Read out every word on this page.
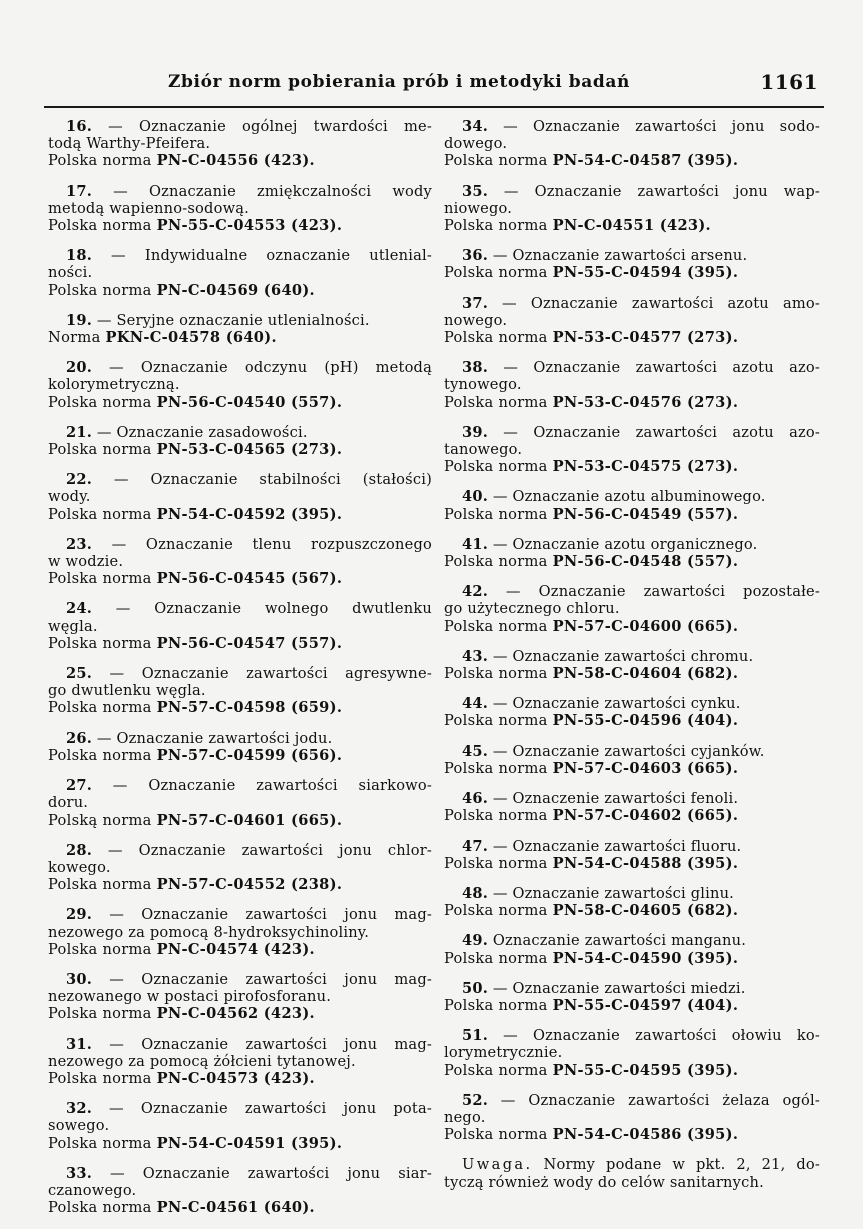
Zbiór norm pobierania prób i metodyki badań	1161
16. — Oznaczanie ogólnej twardości me-
todą Warthy-Pfeifera.
Polska norma PN-C-04556 (423).
17. — Oznaczanie zmiękczalności wody
metodą wapienno-sodową.
Polska norma PN-55-C-04553 (423).
18. — Indywidualne oznaczanie utlenial-
ności.
Polska norma PN-C-04569 (640).
19. — Seryjne oznaczanie utlenialności.
Norma PKN-C-04578 (640).
20. — Oznaczanie odczynu (pH) metodą
kolorymetryczną.
Polska norma PN-56-C-04540 (557).
21. — Oznaczanie zasadowości.
Polska norma PN-53-C-04565 (273).
22. — Oznaczanie stabilności (stałości)
wody.
Polska norma PN-54-C-04592 (395).
23. — Oznaczanie tlenu rozpuszczonego
w wodzie.
Polska norma PN-56-C-04545 (567).
24. — Oznaczanie wolnego dwutlenku
węgla.
Polska norma PN-56-C-04547 (557).
25. — Oznaczanie zawartości agresywne-
go dwutlenku węgla.
Polska norma PN-57-C-04598 (659).
26. — Oznaczanie zawartości jodu.
Polska norma PN-57-C-04599 (656).
27. — Oznaczanie zawartości siarkowo-
doru.
Polską norma PN-57-C-04601 (665).
28. — Oznaczanie zawartości jonu chlor-
kowego.
Polska norma PN-57-C-04552 (238).
29. — Oznaczanie zawartości jonu mag-
nezowego za pomocą 8-hydroksychinoliny.
Polska norma PN-C-04574 (423).
30. — Oznaczanie zawartości jonu mag-
nezowanego w postaci pirofosforanu.
Polska norma PN-C-04562 (423).
31. — Oznaczanie zawartości jonu mag-
nezowego za pomocą żółcieni tytanowej.
Polska norma PN-C-04573 (423).
32. — Oznaczanie zawartości jonu pota-
sowego.
Polska norma PN-54-C-04591 (395).
33. — Oznaczanie zawartości jonu siar-
czanowego.
Polska norma PN-C-04561 (640).
34. — Oznaczanie zawartości jonu sodo-
dowego.
Polska norma PN-54-C-04587 (395).
35. — Oznaczanie zawartości jonu wap-
niowego.
Polska norma PN-C-04551 (423).
36. — Oznaczanie zawartości arsenu.
Polska norma PN-55-C-04594 (395).
37. — Oznaczanie zawartości azotu amo-
nowego.
Polska norma PN-53-C-04577 (273).
38. — Oznaczanie zawartości azotu azo-
tynowego.
Polska norma PN-53-C-04576 (273).
39. — Oznaczanie zawartości azotu azo-
tanowego.
Polska norma PN-53-C-04575 (273).
40. — Oznaczanie azotu albuminowego.
Polska norma PN-56-C-04549 (557).
41. — Oznaczanie azotu organicznego.
Polska norma PN-56-C-04548 (557).
42. — Oznaczanie zawartości pozostałe-
go użytecznego chloru.
Polska norma PN-57-C-04600 (665).
43. — Oznaczanie zawartości chromu.
Polska norma PN-58-C-04604 (682).
44. — Oznaczanie zawartości cynku.
Polska norma PN-55-C-04596 (404).
45. — Oznaczanie zawartości cyjanków.
Polska norma PN-57-C-04603 (665).
46. — Oznaczenie zawartości fenoli.
Polska norma PN-57-C-04602 (665).
47. — Oznaczanie zawartości fluoru.
Polska norma PN-54-C-04588 (395).
48. — Oznaczanie zawartości glinu.
Polska norma PN-58-C-04605 (682).
49. Oznaczanie zawartości manganu.
Polska norma PN-54-C-04590 (395).
50. — Oznaczanie zawartości miedzi.
Polska norma PN-55-C-04597 (404).
51. — Oznaczanie zawartości ołowiu ko-
lorymetrycznie.
Polska norma PN-55-C-04595 (395).
52. — Oznaczanie zawartości żelaza ogól-
nego.
Polska norma PN-54-C-04586 (395).
Uwaga. Normy podane w pkt. 2, 21, do-
tyczą również wody do celów sanitarnych.
